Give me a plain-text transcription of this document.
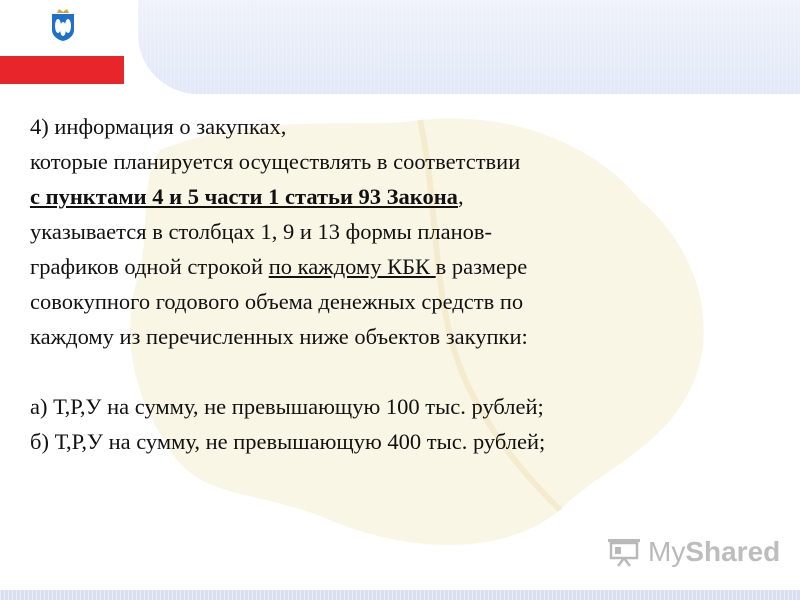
4) информация о закупках,
которые планируется осуществлять в соответствии
с пунктами 4 и 5 части 1 статьи 93 Закона,
указывается в столбцах 1, 9 и 13 формы планов-
графиков одной строкой по каждому КБК в размере
совокупного годового объема денежных средств по
каждому из перечисленных ниже объектов закупки:
а) Т,Р,У на сумму, не превышающую 100 тыс. рублей;
б) Т,Р,У на сумму, не превышающую 400 тыс. рублей;
My Shared
